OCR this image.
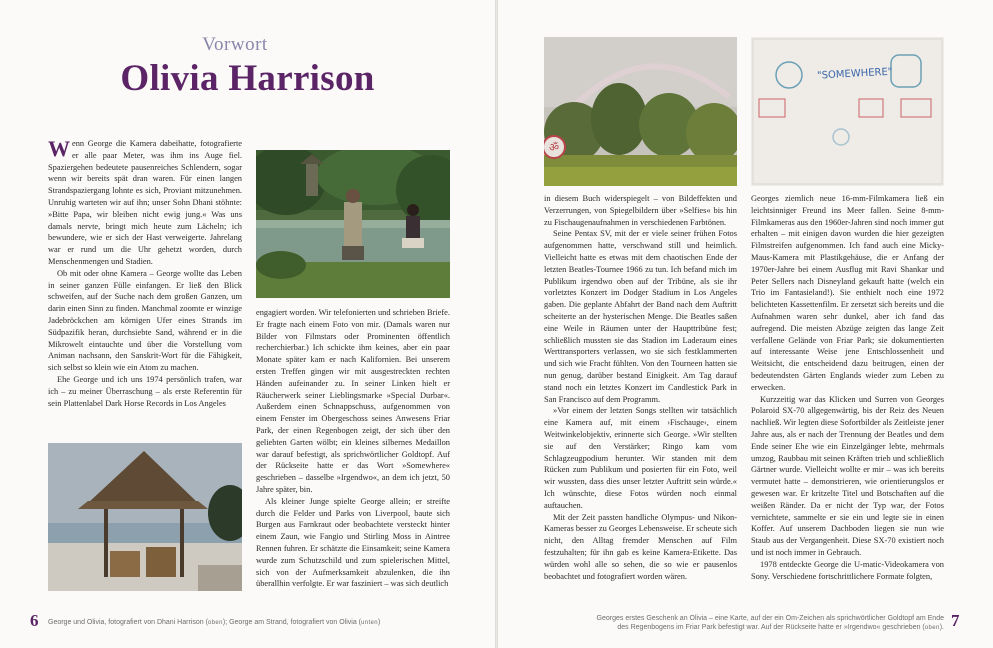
Vorwort
Olivia Harrison

Wenn George die Kamera dabeihatte, fotografierte er alle paar Meter, was ihm ins Auge fiel. Spaziergehen bedeutete pausenreiches Schlendern, sogar wenn wir bereits spät dran waren. Für einen langen Strandspaziergang lohnte es sich, Proviant mitzunehmen. Unruhig warteten wir auf ihn; unser Sohn Dhani stöhnte: »Bitte Papa, wir bleiben nicht ewig jung.« Was uns damals nervte, bringt mich heute zum Lächeln; ich bewundere, wie er sich der Hast verweigerte. Jahrelang war er rund um die Uhr gehetzt worden, durch Menschenmengen und Stadien.

Ob mit oder ohne Kamera – George wollte das Leben in seiner ganzen Fülle einfangen. Er ließ den Blick schweifen, auf der Suche nach dem großen Ganzen, um darin einen Sinn zu finden. Manchmal zoomte er winzige Jadebröckchen am körnigen Ufer eines Strands im Südpazifik heran, durchsiebte Sand, während er in die Mikrowelt eintauchte und über die Vorstellung vom Animan nachsann, den Sanskrit-Wort für die Fähigkeit, sich selbst so klein wie ein Atom zu machen.

Ehe George und ich uns 1974 persönlich trafen, war ich – zu meiner Überraschung – als erste Referentin für sein Plattenlabel Dark Horse Records in Los Angeles

engagiert worden. Wir telefonierten und schrieben Briefe. Er fragte nach einem Foto von mir. (Damals waren nur Bilder von Filmstars oder Prominenten öffentlich recherchierbar.) Ich schickte ihm keines, aber ein paar Monate später kam er nach Kalifornien. Bei unserem ersten Treffen gingen wir mit ausgestreckten rechten Händen aufeinander zu. In seiner Linken hielt er Räucherwerk seiner Lieblingsmarke »Special Durbar«. Außerdem einen Schnappschuss, aufgenommen von einem Fenster im Obergeschoss seines Anwesens Friar Park, der einen Regenbogen zeigt, der sich über den geliebten Garten wölbt; ein kleines silbernes Medaillon war darauf befestigt, als sprichwörtlicher Goldtopf. Auf der Rückseite hatte er das Wort »Somewhere« geschrieben – dasselbe »Irgendwo«, an dem ich jetzt, 50 Jahre später, bin.

Als kleiner Junge spielte George allein; er streifte durch die Felder und Parks von Liverpool, baute sich Burgen aus Farnkraut oder beobachtete versteckt hinter einem Zaun, wie Fangio und Stirling Moss in Aintree Rennen fuhren. Er schätzte die Einsamkeit; seine Kamera wurde zum Schutzschild und zum spielerischen Mittel, sich von der Aufmerksamkeit abzulenken, die ihn überallhin verfolgte. Er war fasziniert – was sich deutlich

6 George und Olivia, fotografiert von Dhani Harrison (oben); George am Strand, fotografiert von Olivia (unten)
ॐ
"SOMEWHERE"

in diesem Buch widerspiegelt – von Bildeffekten und Verzerrungen, von Spiegelbildern über »Selfies« bis hin zu Fischaugenaufnahmen in verschiedenen Farbtönen.

Seine Pentax SV, mit der er viele seiner frühen Fotos aufgenommen hatte, verschwand still und heimlich. Vielleicht hatte es etwas mit dem chaotischen Ende der letzten Beatles-Tournee 1966 zu tun. Ich befand mich im Publikum irgendwo oben auf der Tribüne, als sie ihr vorletztes Konzert im Dodger Stadium in Los Angeles gaben. Die geplante Abfahrt der Band nach dem Auftritt scheiterte an der hysterischen Menge. Die Beatles saßen eine Weile in Räumen unter der Haupttribüne fest; schließlich mussten sie das Stadion im Laderaum eines Werttransporters verlassen, wo sie sich festklammerten und sich wie Fracht fühlten. Von den Tourneen hatten sie nun genug, darüber bestand Einigkeit. Am Tag darauf stand noch ein letztes Konzert im Candlestick Park in San Francisco auf dem Programm.

»Vor einem der letzten Songs stellten wir tatsächlich eine Kamera auf, mit einem ›Fischauge‹, einem Weitwinkelobjektiv, erinnerte sich George. »Wir stellten sie auf den Verstärker; Ringo kam vom Schlagzeugpodium herunter. Wir standen mit dem Rücken zum Publikum und posierten für ein Foto, weil wir wussten, dass dies unser letzter Auftritt sein würde.« Ich wünschte, diese Fotos würden noch einmal auftauchen.

Mit der Zeit passten handliche Olympus- und Nikon-Kameras besser zu Georges Lebensweise. Er scheute sich nicht, den Alltag fremder Menschen auf Film festzuhalten; für ihn gab es keine Kamera-Etikette. Das würden wohl alle so sehen, die so wie er pausenlos beobachtet und fotografiert worden wären.

Georges ziemlich neue 16-mm-Filmkamera ließ ein leichtsinniger Freund ins Meer fallen. Seine 8-mm-Filmkameras aus den 1960er-Jahren sind noch immer gut erhalten – mit einigen davon wurden die hier gezeigten Filmstreifen aufgenommen. Ich fand auch eine Micky-Maus-Kamera mit Plastikgehäuse, die er Anfang der 1970er-Jahre bei einem Ausflug mit Ravi Shankar und Peter Sellers nach Disneyland gekauft hatte (welch ein Trio im Fantasieland!). Sie enthielt noch eine 1972 belichteten Kassettenfilm. Er zersetzt sich bereits und die Aufnahmen waren sehr dunkel, aber ich fand das aufregend. Die meisten Abzüge zeigten das lange Zeit verfallene Gelände von Friar Park; sie dokumentierten auf interessante Weise jene Entschlossenheit und Weitsicht, die entscheidend dazu beitrugen, einen der bedeutendsten Gärten Englands wieder zum Leben zu erwecken.

Kurzzeitig war das Klicken und Surren von Georges Polaroid SX-70 allgegenwärtig, bis der Reiz des Neuen nachließ. Wir legten diese Sofortbilder als Zeitleiste jener Jahre aus, als er nach der Trennung der Beatles und dem Ende seiner Ehe wie ein Einzelgänger lebte, mehrmals umzog, Raubbau mit seinen Kräften trieb und schließlich Gärtner wurde. Vielleicht wollte er mir – was ich bereits vermutet hatte – demonstrieren, wie orientierungslos er gewesen war. Er kritzelte Titel und Botschaften auf die weißen Ränder. Da er nicht der Typ war, der Fotos vernichtete, sammelte er sie ein und legte sie in einen Koffer. Auf unserem Dachboden liegen sie nun wie Staub aus der Vergangenheit. Diese SX-70 existiert noch und ist noch immer in Gebrauch.

1978 entdeckte George die U-matic-Videokamera von Sony. Verschiedene fortschrittlichere Formate folgten,

Georges erstes Geschenk an Olivia – eine Karte, auf der ein Om-Zeichen als sprichwörtlicher Goldtopf am Ende
des Regenbogens im Friar Park befestigt war. Auf der Rückseite hatte er »Irgendwo« geschrieben (oben). 7
